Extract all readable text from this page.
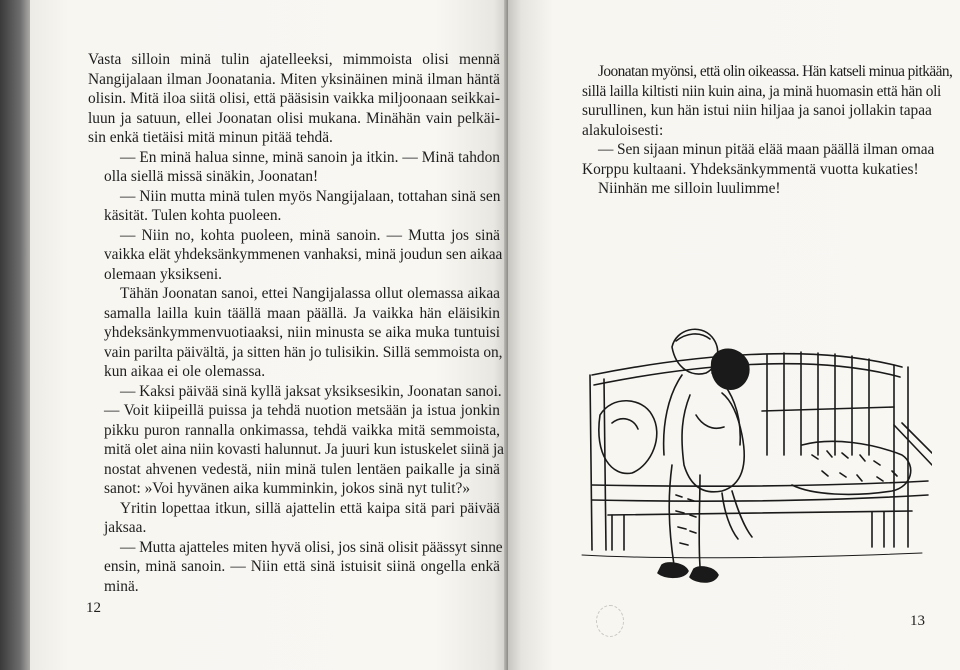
Vasta silloin minä tulin ajatelleeksi, mimmoista olisi mennä
Nangijalaan ilman Joonatania. Miten yksinäinen minä ilman häntä
olisin. Mitä iloa siitä olisi, että pääsisin vaikka miljoonaan seikkai-
luun ja satuun, ellei Joonatan olisi mukana. Minähän vain pelkäi-
sin enkä tietäisi mitä minun pitää tehdä.

— En minä halua sinne, minä sanoin ja itkin. — Minä tahdon
olla siellä missä sinäkin, Joonatan!

— Niin mutta minä tulen myös Nangijalaan, tottahan sinä sen
käsität. Tulen kohta puoleen.

— Niin no, kohta puoleen, minä sanoin. — Mutta jos sinä
vaikka elät yhdeksänkymmenen vanhaksi, minä joudun sen aikaa
olemaan yksikseni.

Tähän Joonatan sanoi, ettei Nangijalassa ollut olemassa aikaa
samalla lailla kuin täällä maan päällä. Ja vaikka hän eläisikin
yhdeksänkymmenvuotiaaksi, niin minusta se aika muka tuntuisi
vain parilta päivältä, ja sitten hän jo tulisikin. Sillä semmoista on,
kun aikaa ei ole olemassa.

— Kaksi päivää sinä kyllä jaksat yksiksesikin, Joonatan sanoi.
— Voit kiipeillä puissa ja tehdä nuotion metsään ja istua jonkin
pikku puron rannalla onkimassa, tehdä vaikka mitä semmoista,
mitä olet aina niin kovasti halunnut. Ja juuri kun istuskelet siinä ja
nostat ahvenen vedestä, niin minä tulen lentäen paikalle ja sinä
sanot: »Voi hyvänen aika kumminkin, jokos sinä nyt tulit?»

Yritin lopettaa itkun, sillä ajattelin että kaipa sitä pari päivää
jaksaa.

— Mutta ajatteles miten hyvä olisi, jos sinä olisit päässyt sinne
ensin, minä sanoin. — Niin että sinä istuisit siinä ongella enkä
minä.

12

Joonatan myönsi, että olin oikeassa. Hän katseli minua pitkään,
sillä lailla kiltisti niin kuin aina, ja minä huomasin että hän oli
surullinen, kun hän istui niin hiljaa ja sanoi jollakin tapaa
alakuloisesti:

— Sen sijaan minun pitää elää maan päällä ilman omaa
Korppu kultaani. Yhdeksänkymmentä vuotta kukaties!

Niinhän me silloin luulimme!

13
